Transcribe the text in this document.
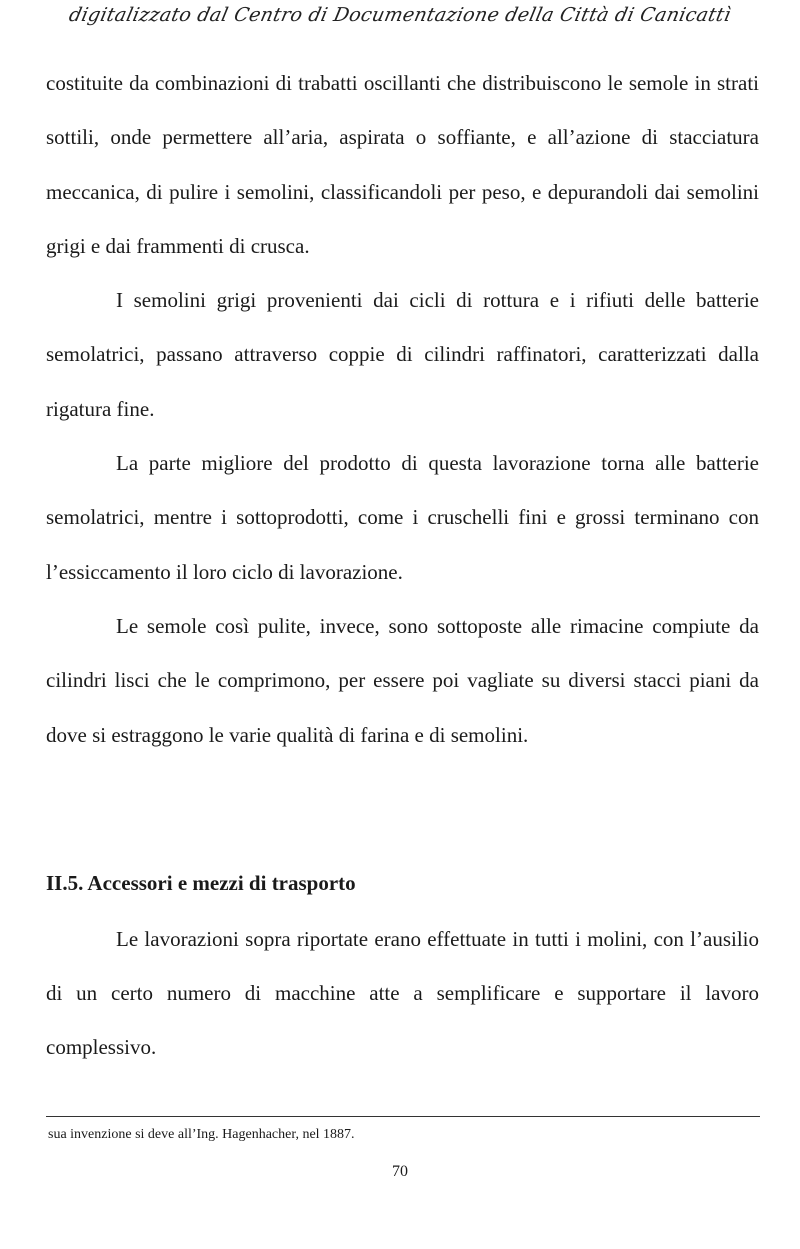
digitalizzato dal Centro di Documentazione della Città di Canicattì

costituite da combinazioni di trabatti oscillanti che distribuiscono le semole in strati sottili, onde permettere all’aria, aspirata o soffiante, e all’azione di stacciatura meccanica, di pulire i semolini, classificandoli per peso, e depurandoli dai semolini grigi e dai frammenti di crusca.

I semolini grigi provenienti dai cicli di rottura e i rifiuti delle batterie semolatrici, passano attraverso coppie di cilindri raffinatori, caratterizzati dalla rigatura fine.

La parte migliore del prodotto di questa lavorazione torna alle batterie semolatrici, mentre i sottoprodotti, come i cruschelli fini e grossi terminano con l’essiccamento il loro ciclo di lavorazione.

Le semole così pulite, invece, sono sottoposte alle rimacine compiute da cilindri lisci che le comprimono, per essere poi vagliate su diversi stacci piani da dove si estraggono le varie qualità di farina e di semolini.

II.5. Accessori e mezzi di trasporto

Le lavorazioni sopra riportate erano effettuate in tutti i molini, con l’ausilio di un certo numero di macchine atte a semplificare e supportare il lavoro complessivo.

sua invenzione si deve all’Ing. Hagenhacher, nel 1887.
70
